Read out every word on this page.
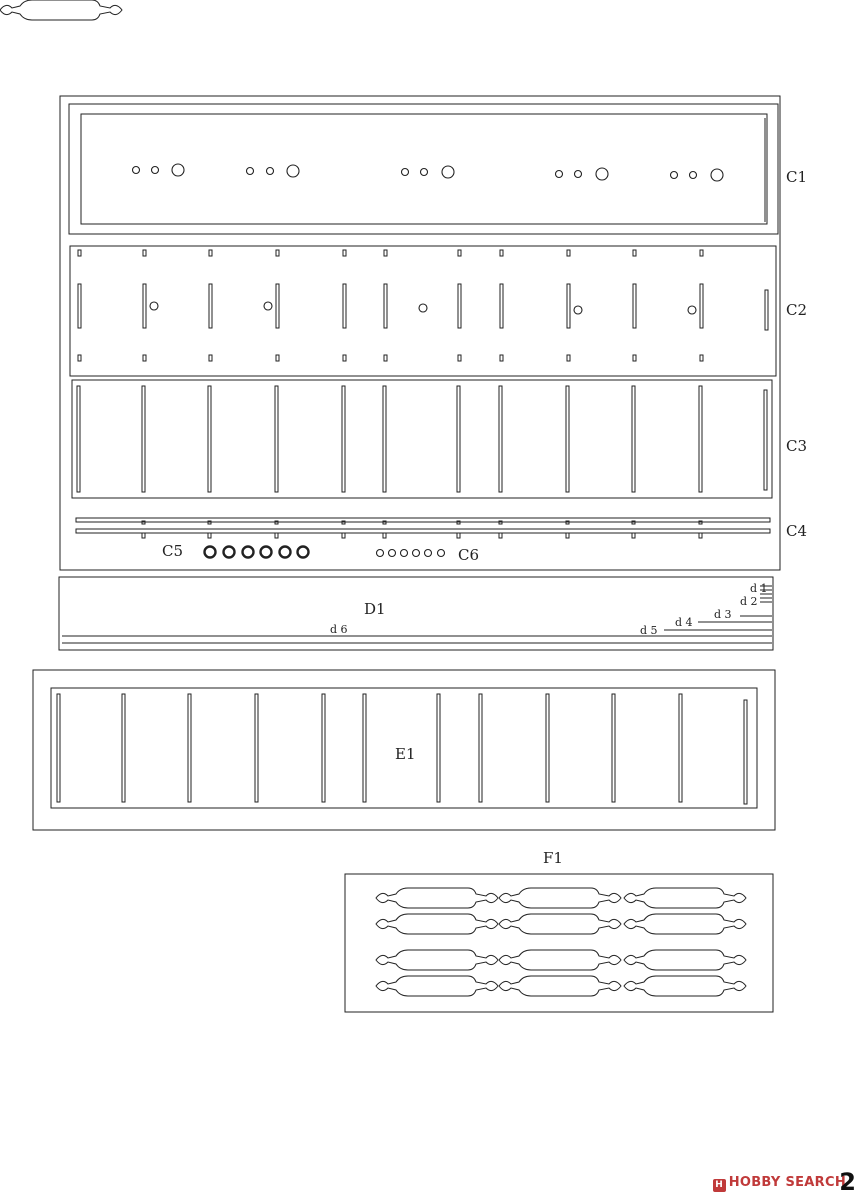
C1
C2
C3
C4
C5	C6
D1
d 1
d 2
d 3
d 4
d 5
d 6
E1
F1
H HOBBY SEARCH
2
